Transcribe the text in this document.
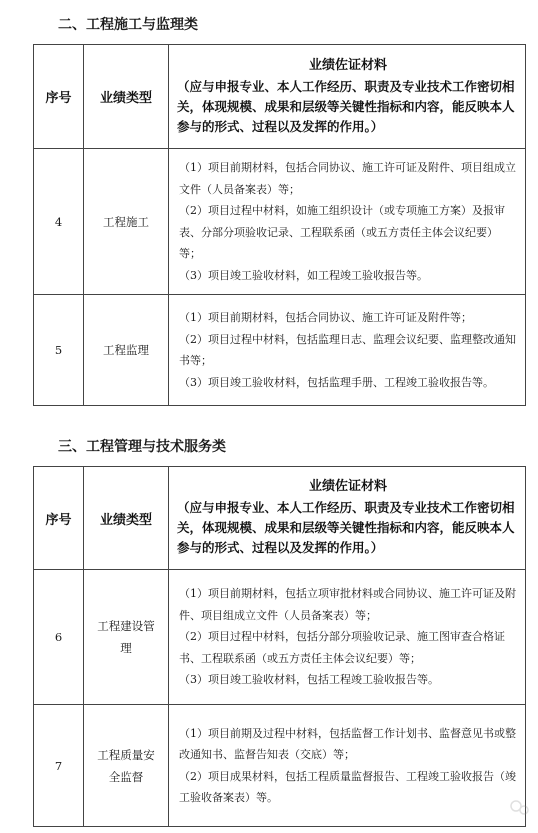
二、工程施工与监理类
序号	业绩类型	业绩佐证材料
（应与申报专业、本人工作经历、职责及专业技术工作密切相关，体现规模、成果和层级等关键性指标和内容，能反映本人参与的形式、过程以及发挥的作用。）

4	工程施工	（1）项目前期材料，包括合同协议、施工许可证及附件、项目组成立文件（人员备案表）等；

（2）项目过程中材料，如施工组织设计（或专项施工方案）及报审表、分部分项验收记录、工程联系函（或五方责任主体会议纪要）等；

（3）项目竣工验收材料，如工程竣工验收报告等。

5	工程监理	（1）项目前期材料，包括合同协议、施工许可证及附件等；

（2）项目过程中材料，包括监理日志、监理会议纪要、监理整改通知书等；

（3）项目竣工验收材料，包括监理手册、工程竣工验收报告等。

三、工程管理与技术服务类
序号	业绩类型	业绩佐证材料
（应与申报专业、本人工作经历、职责及专业技术工作密切相关，体现规模、成果和层级等关键性指标和内容，能反映本人参与的形式、过程以及发挥的作用。）

6	工程建设管理	（1）项目前期材料，包括立项审批材料或合同协议、施工许可证及附件、项目组成立文件（人员备案表）等；

（2）项目过程中材料，包括分部分项验收记录、施工图审查合格证书、工程联系函（或五方责任主体会议纪要）等；

（3）项目竣工验收材料，包括工程竣工验收报告等。

7	工程质量安全监督	（1）项目前期及过程中材料，包括监督工作计划书、监督意见书或整改通知书、监督告知表（交底）等；

（2）项目成果材料，包括工程质量监督报告、工程竣工验收报告（竣工验收备案表）等。
